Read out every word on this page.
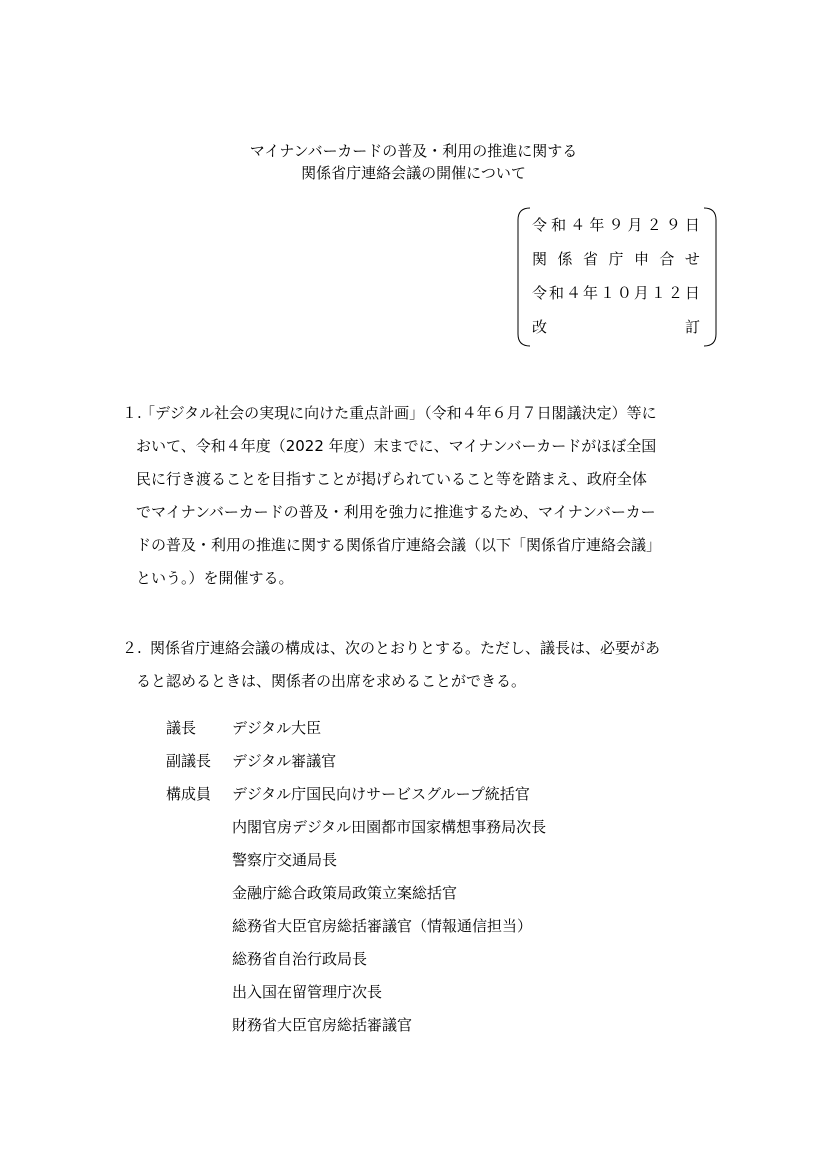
マイナンバーカードの普及・利用の推進に関する
関係省庁連絡会議の開催について
令 和 ４ 年 ９ 月 ２ ９ 日
関 係 省 庁 申 合 せ
令 和 ４ 年 １ ０ 月 １ ２ 日
改	訂
１.
「デジタル社会の実現に向けた重点計画」（令和４年６月７日閣議決定）等に
おいて、令和４年度（2022 年度）末までに、マイナンバーカードがほぼ全国
民に行き渡ることを目指すことが掲げられていること等を踏まえ、政府全体
でマイナンバーカードの普及・利用を強力に推進するため、マイナンバーカー
ドの普及・利用の推進に関する関係省庁連絡会議（以下「関係省庁連絡会議」
という。）を開催する。
２. 関係省庁連絡会議の構成は、次のとおりとする。ただし、議長は、必要があ
ると認めるときは、関係者の出席を求めることができる。
議長	デジタル大臣
副議長	デジタル審議官
構成員	デジタル庁国民向けサービスグループ統括官
内閣官房デジタル田園都市国家構想事務局次長
警察庁交通局長
金融庁総合政策局政策立案総括官
総務省大臣官房総括審議官（情報通信担当）
総務省自治行政局長
出入国在留管理庁次長
財務省大臣官房総括審議官
